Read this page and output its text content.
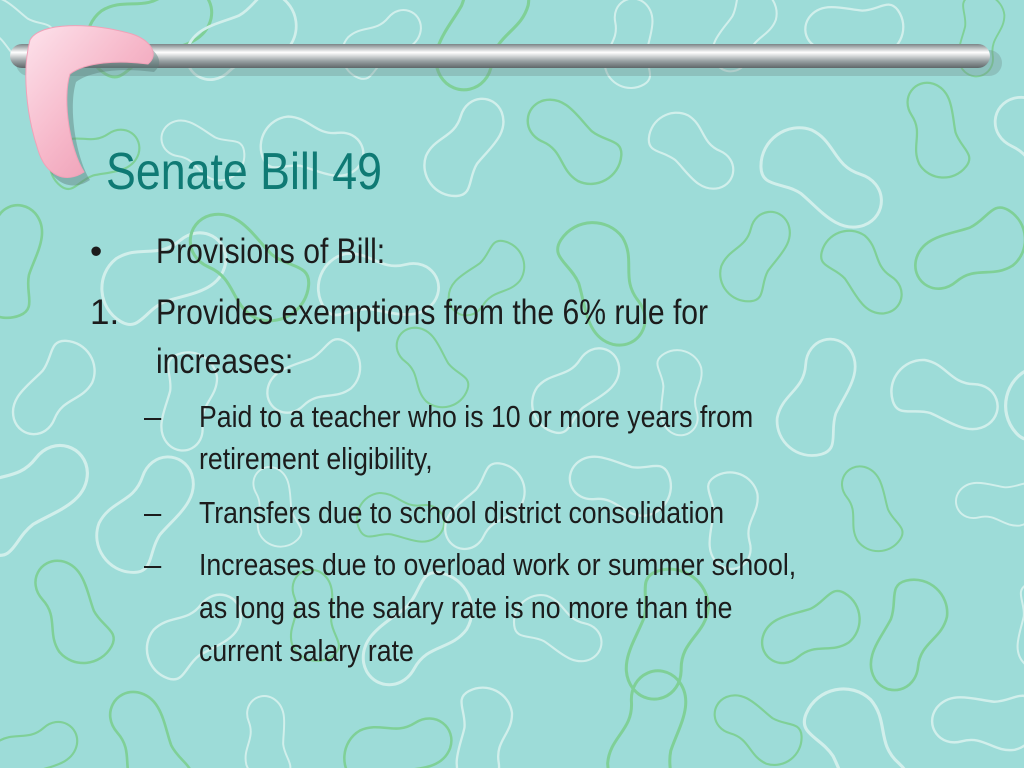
Senate Bill 49
• Provisions of Bill:
1. Provides exemptions from the 6% rule for
increases:
– Paid to a teacher who is 10 or more years from
retirement eligibility,
– Transfers due to school district consolidation
– Increases due to overload work or summer school,
as long as the salary rate is no more than the
current salary rate
